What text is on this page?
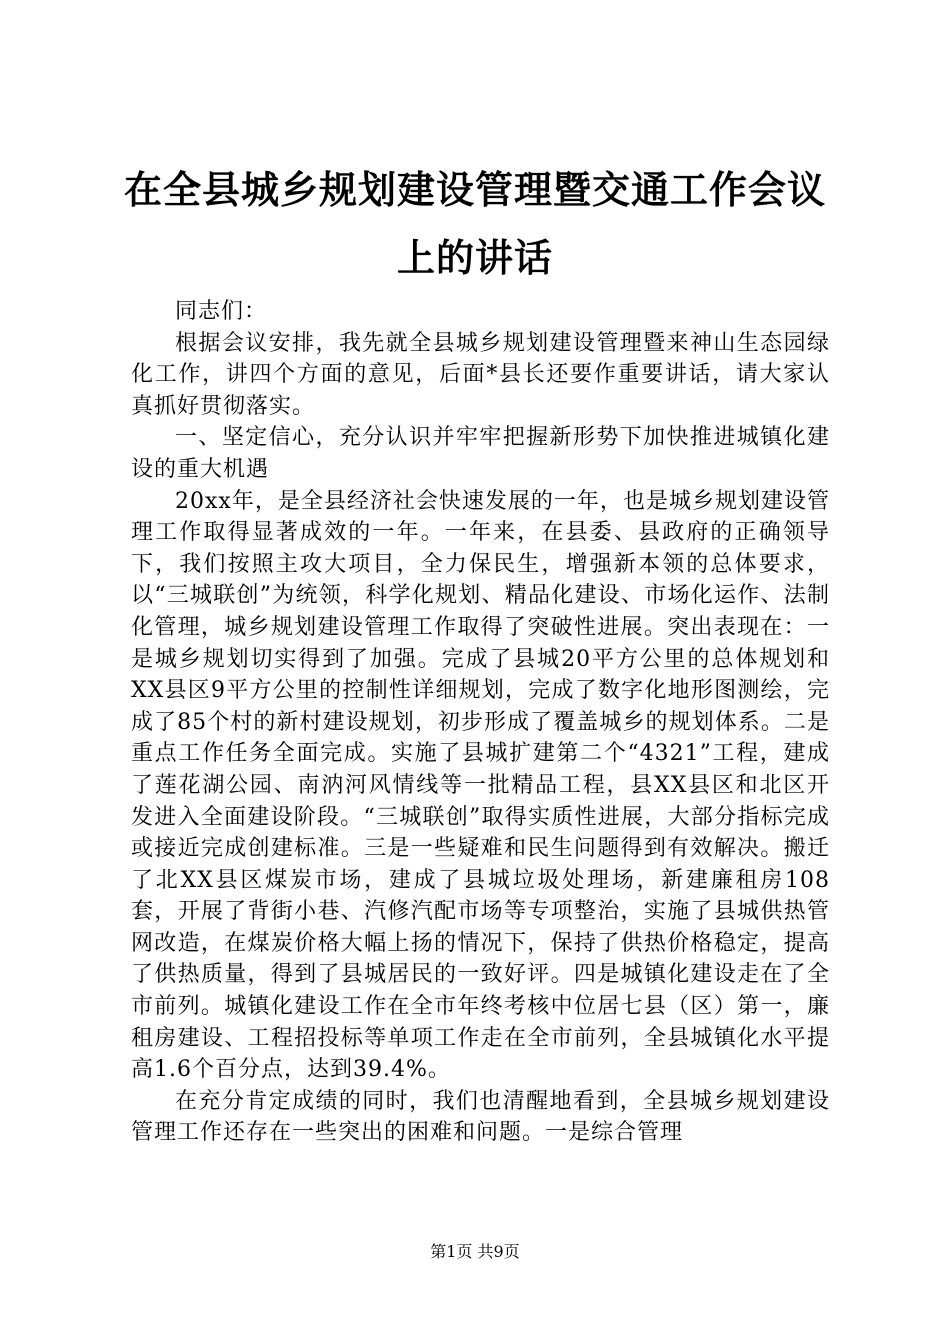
在全县城乡规划建设管理暨交通工作会议上的讲话

同志们：

根据会议安排，我先就全县城乡规划建设管理暨来神山生态园绿化工作，讲四个方面的意见，后面*县长还要作重要讲话，请大家认真抓好贯彻落实。

一、坚定信心，充分认识并牢牢把握新形势下加快推进城镇化建设的重大机遇

20xx年，是全县经济社会快速发展的一年，也是城乡规划建设管理工作取得显著成效的一年。一年来，在县委、县政府的正确领导下，我们按照主攻大项目，全力保民生，增强新本领的总体要求，以“三城联创”为统领，科学化规划、精品化建设、市场化运作、法制化管理，城乡规划建设管理工作取得了突破性进展。突出表现在：一是城乡规划切实得到了加强。完成了县城20平方公里的总体规划和XX县区9平方公里的控制性详细规划，完成了数字化地形图测绘，完成了85个村的新村建设规划，初步形成了覆盖城乡的规划体系。二是重点工作任务全面完成。实施了县城扩建第二个“4321”工程，建成了莲花湖公园、南汭河风情线等一批精品工程，县XX县区和北区开发进入全面建设阶段。“三城联创”取得实质性进展，大部分指标完成或接近完成创建标准。三是一些疑难和民生问题得到有效解决。搬迁了北XX县区煤炭市场，建成了县城垃圾处理场，新建廉租房108套，开展了背街小巷、汽修汽配市场等专项整治，实施了县城供热管网改造，在煤炭价格大幅上扬的情况下，保持了供热价格稳定，提高了供热质量，得到了县城居民的一致好评。四是城镇化建设走在了全市前列。城镇化建设工作在全市年终考核中位居七县（区）第一，廉租房建设、工程招投标等单项工作走在全市前列，全县城镇化水平提高1.6个百分点，达到39.4%。

在充分肯定成绩的同时，我们也清醒地看到，全县城乡规划建设管理工作还存在一些突出的困难和问题。一是综合管理

第1页 共9页
